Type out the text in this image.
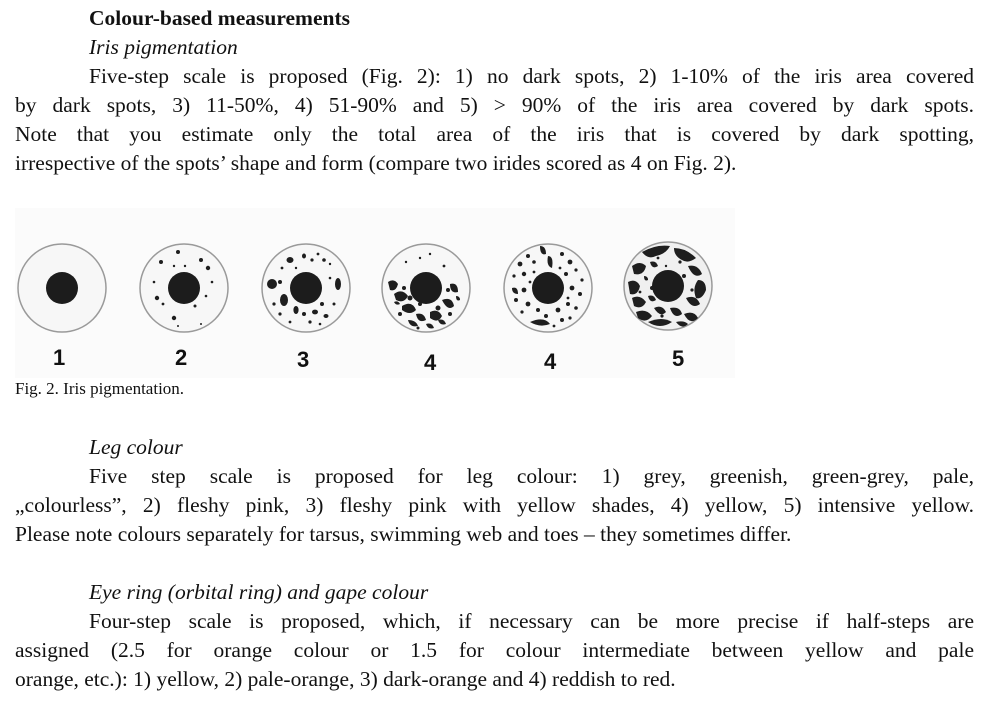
Colour-based measurements
Iris pigmentation
Five-step scale is proposed (Fig. 2): 1) no dark spots, 2) 1-10% of the iris area covered
by dark spots, 3) 11-50%, 4) 51-90% and 5) > 90% of the iris area covered by dark spots.
Note that you estimate only the total area of the iris that is covered by dark spotting,
irrespective of the spots’ shape and form (compare two irides scored as 4 on Fig. 2).
1	2	3	4	4	5
Fig. 2. Iris pigmentation.
Leg colour
Five step scale is proposed for leg colour: 1) grey, greenish, green-grey, pale,
„colourless”, 2) fleshy pink, 3) fleshy pink with yellow shades, 4) yellow, 5) intensive yellow.
Please note colours separately for tarsus, swimming web and toes – they sometimes differ.
Eye ring (orbital ring) and gape colour
Four-step scale is proposed, which, if necessary can be more precise if half-steps are
assigned (2.5 for orange colour or 1.5 for colour intermediate between yellow and pale
orange, etc.): 1) yellow, 2) pale-orange, 3) dark-orange and 4) reddish to red.
